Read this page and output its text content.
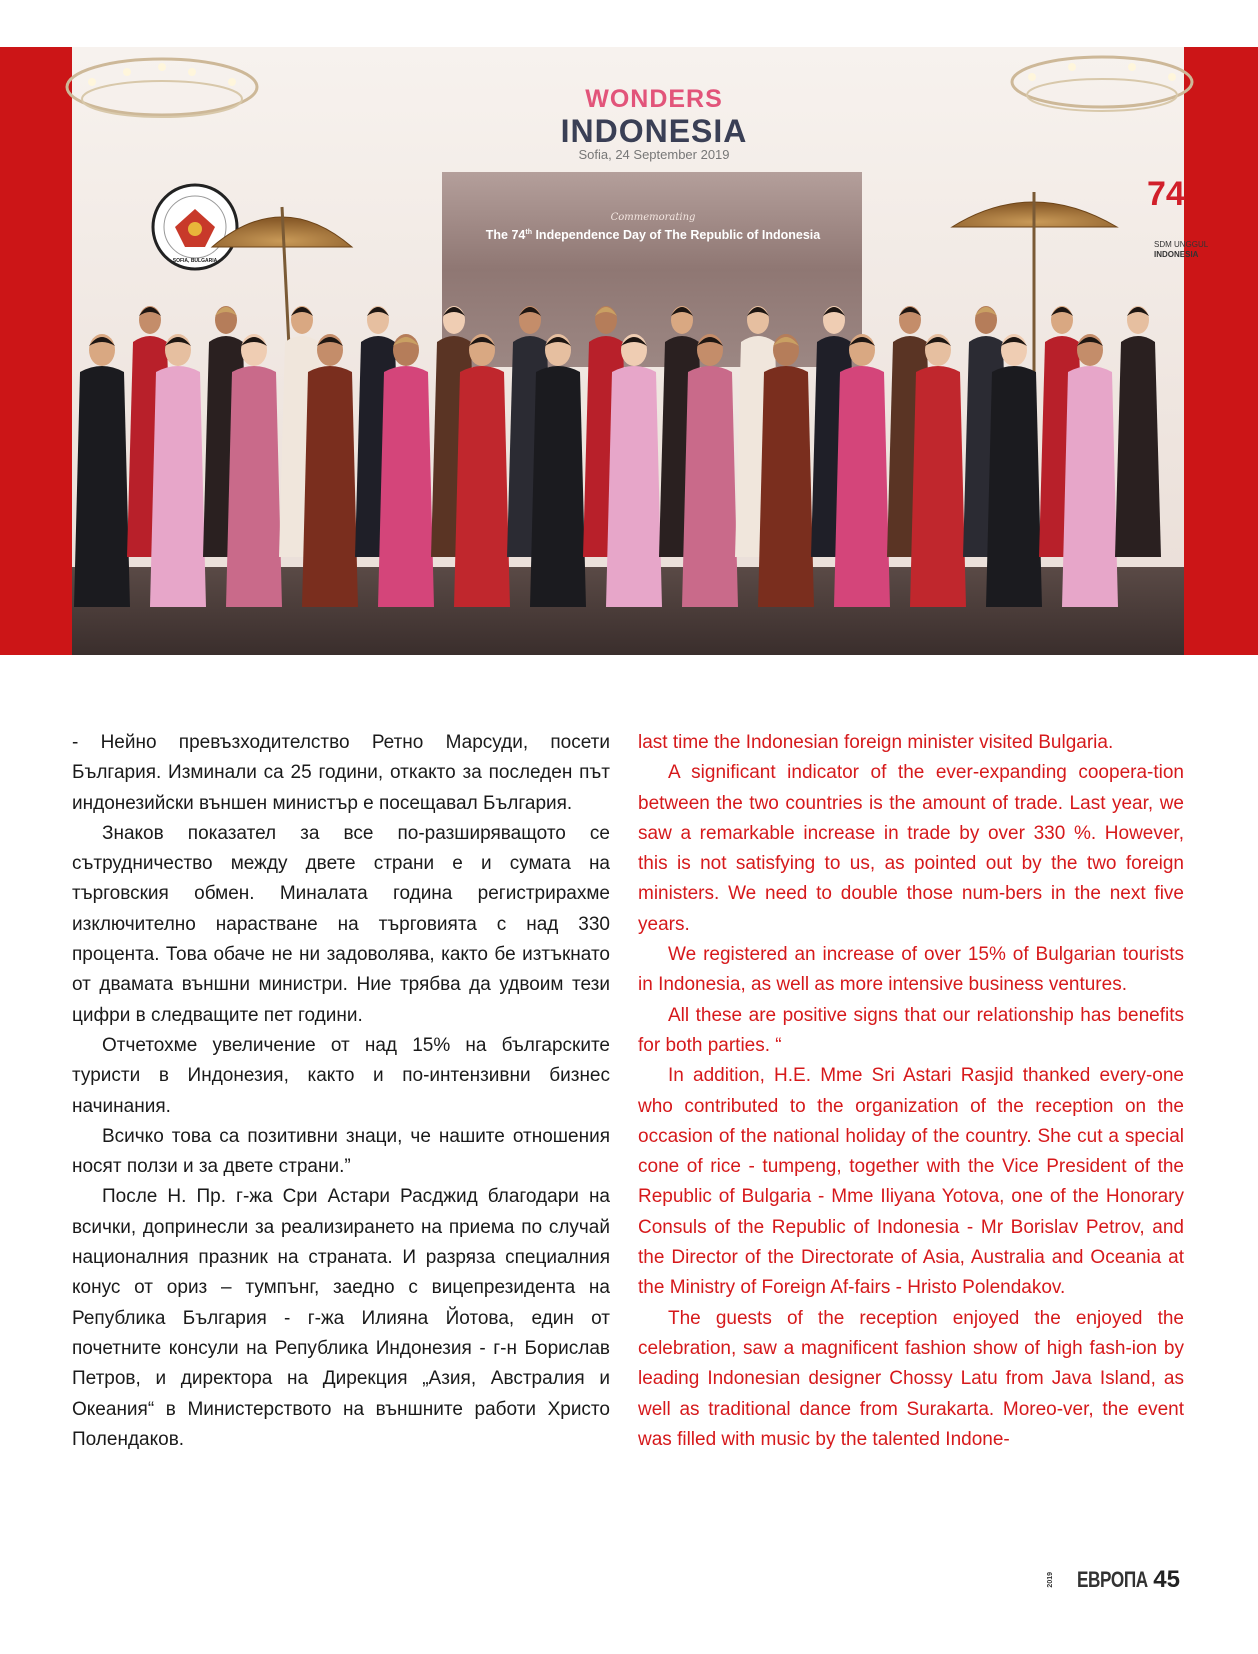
WONDERS
INDONESIA
Sofia, 24 September 2019
Commemorating
The 74th Independence Day of The Republic of Indonesia
SOFIA, BULGARIA
74
SDM UNGGUL
INDONESIA

- Нейно превъзходителство Ретно Марсуди, посети България. Изминали са 25 години, откакто за последен път индонезийски външен министър е посещавал България.

Знаков показател за все по-разширяващото се сътрудничество между двете страни е и сумата на търговския обмен. Миналата година регистрирахме изключително нарастване на търговията с над 330 процента. Това обаче не ни задоволява, както бе изтъкнато от двамата външни министри. Ние трябва да удвоим тези цифри в следващите пет години.

Отчетохме увеличение от над 15% на българските туристи в Индонезия, както и по-интензивни бизнес начинания.

Всичко това са позитивни знаци, че нашите отношения носят ползи и за двете страни.”

После Н. Пр. г-жа Сри Астари Расджид благодари на всички, допринесли за реализирането на приема по случай националния празник на страната. И разряза специалния конус от ориз – тумпънг, заедно с вицепрезидента на Република България - г-жа Илияна Йотова, един от почетните консули на Република Индонезия - г-н Борислав Петров, и директора на Дирекция „Азия, Австралия и Океания“ в Министерството на външните работи Христо Полендаков.

last time the Indonesian foreign minister visited Bulgaria.

A significant indicator of the ever-expanding coopera-tion between the two countries is the amount of trade. Last year, we saw a remarkable increase in trade by over 330 %. However, this is not satisfying to us, as pointed out by the two foreign ministers. We need to double those num-bers in the next five years.

We registered an increase of over 15% of Bulgarian tourists in Indonesia, as well as more intensive business ventures.

All these are positive signs that our relationship has benefits for both parties. “

In addition, H.E. Mme Sri Astari Rasjid thanked every-one who contributed to the organization of the reception on the occasion of the national holiday of the country. She cut a special cone of rice - tumpeng, together with the Vice President of the Republic of Bulgaria - Mme Iliyana Yotova, one of the Honorary Consuls of the Republic of Indonesia - Mr Borislav Petrov, and the Director of the Directorate of Asia, Australia and Oceania at the Ministry of Foreign Af-fairs - Hristo Polendakov.

The guests of the reception enjoyed the enjoyed the celebration, saw a magnificent fashion show of high fash-ion by leading Indonesian designer Chossy Latu from Java Island, as well as traditional dance from Surakarta. Moreo-ver, the event was filled with music by the talented Indone-

2019 ЕВРОПА 45
